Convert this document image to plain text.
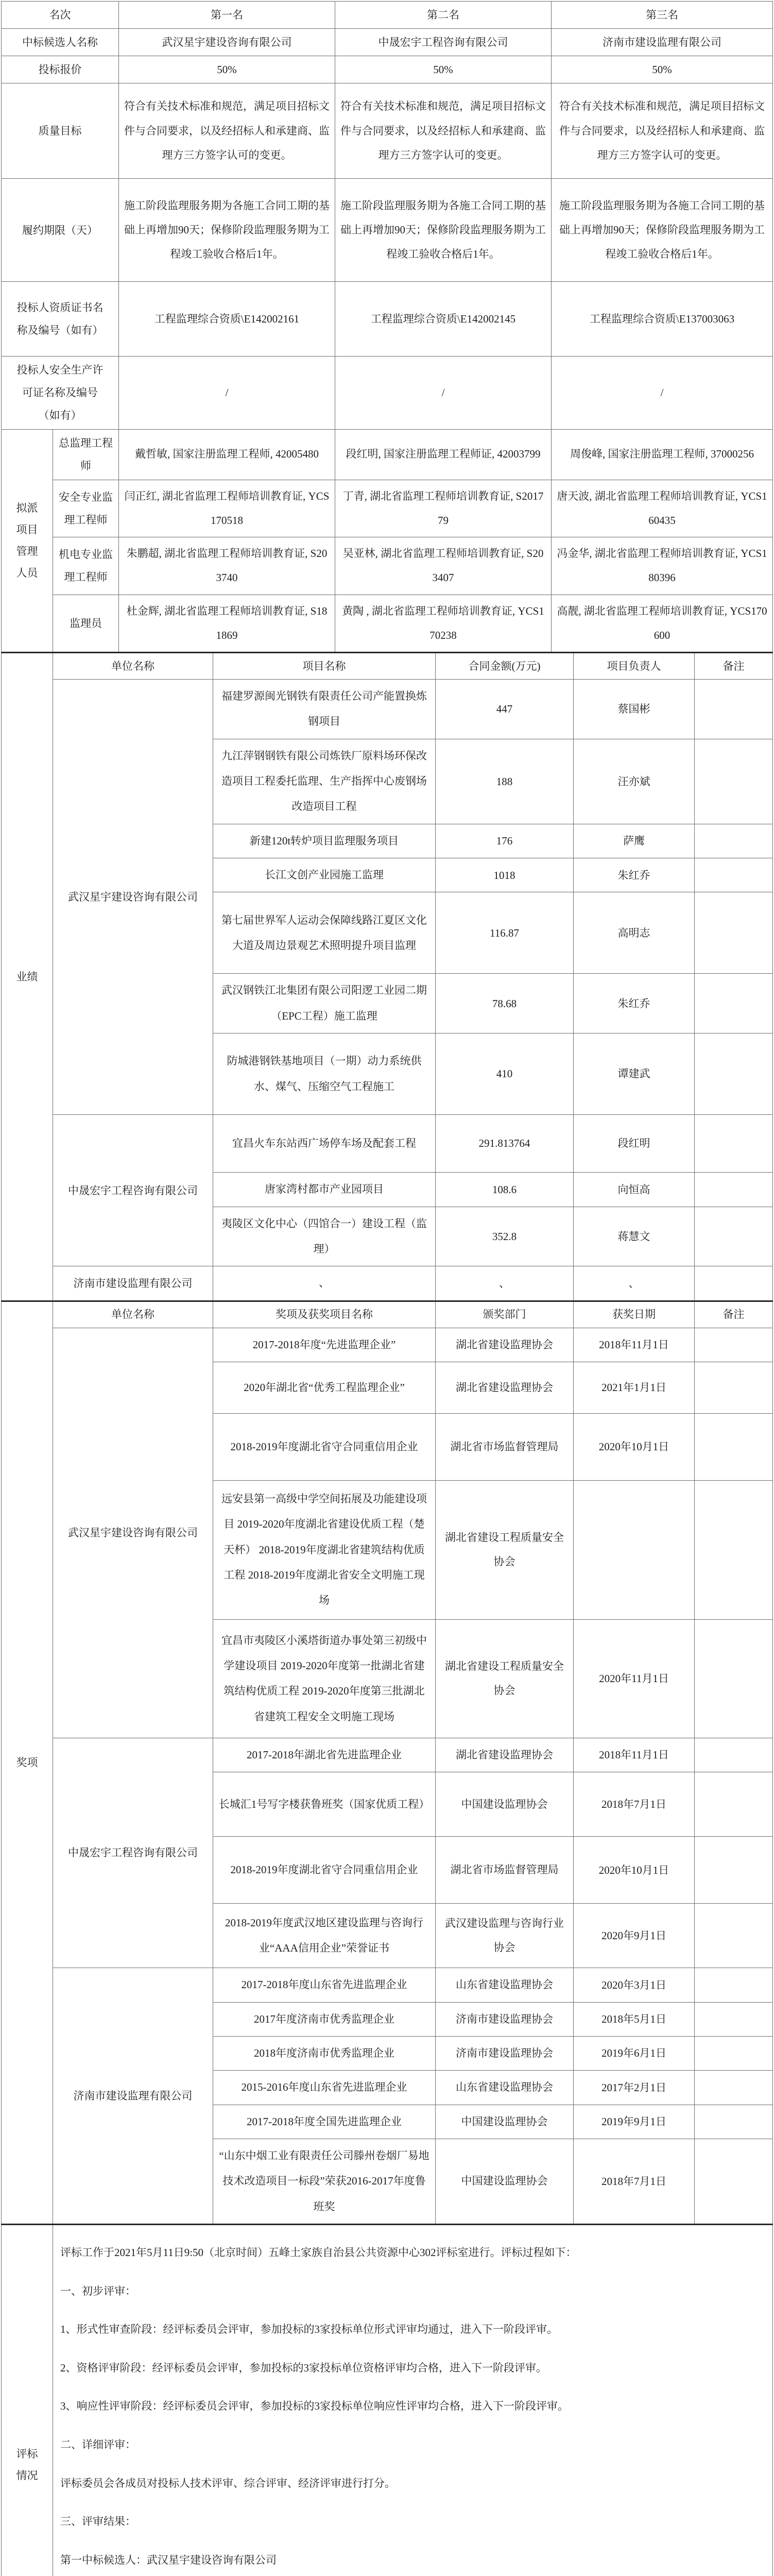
名次		第一名		第二名		第三名		
中标候选人名称		武汉星宇建设咨询有限公司		中晟宏宇工程咨询有限公司		济南市建设监理有限公司		
投标报价		50%		50%		50%		
质量目标		符合有关技术标准和规范，满足项目招标文件与合同要求，以及经招标人和承建商、监理方三方签字认可的变更。		符合有关技术标准和规范，满足项目招标文件与合同要求，以及经招标人和承建商、监理方三方签字认可的变更。		符合有关技术标准和规范，满足项目招标文件与合同要求，以及经招标人和承建商、监理方三方签字认可的变更。		
履约期限（天）		施工阶段监理服务期为各施工合同工期的基础上再增加90天；保修阶段监理服务期为工程竣工验收合格后1年。		施工阶段监理服务期为各施工合同工期的基础上再增加90天；保修阶段监理服务期为工程竣工验收合格后1年。		施工阶段监理服务期为各施工合同工期的基础上再增加90天；保修阶段监理服务期为工程竣工验收合格后1年。		
投标人资质证书名称及编号（如有）		工程监理综合资质\E142002161		工程监理综合资质\E142002145		工程监理综合资质\E137003063		
投标人安全生产许可证名称及编号（如有）		/		/		/		
拟派项目管理人员	总监理工程师	戴哲敏, 国家注册监理工程师, 42005480		段红明, 国家注册监理工程师证, 42003799		周俊峰, 国家注册监理工程师, 37000256		
	安全专业监理工程师	闫正红, 湖北省监理工程师培训教育证, YCS170518		丁青, 湖北省监理工程师培训教育证, S201779		唐天波, 湖北省监理工程师培训教育证, YCS160435		
	机电专业监理工程师	朱鹏超, 湖北省监理工程师培训教育证, S203740		吴亚林, 湖北省监理工程师培训教育证, S203407		冯金华, 湖北省监理工程师培训教育证, YCS180396		
	监理员	杜金辉, 湖北省监理工程师培训教育证, S181869		黄陶 , 湖北省监理工程师培训教育证, YCS170238		高靓, 湖北省监理工程师培训教育证, YCS170600		
业绩	单位名称		项目名称		合同金额(万元)		项目负责人	备注
	武汉星宇建设咨询有限公司		福建罗源闽光钢铁有限责任公司产能置换炼钢项目		447		蔡国彬	
			九江萍钢钢铁有限公司炼铁厂原料场环保改造项目工程委托监理、生产指挥中心废钢场改造项目工程		188		汪亦斌	
			新建120t转炉项目监理服务项目		176		萨鹰	
			长江文创产业园施工监理		1018		朱红乔	
			第七届世界军人运动会保障线路江夏区文化大道及周边景观艺术照明提升项目监理		116.87		高明志	
			武汉钢铁江北集团有限公司阳逻工业园二期（EPC工程）施工监理		78.68		朱红乔	
			防城港钢铁基地项目（一期）动力系统供水、煤气、压缩空气工程施工		410		谭建武	
	中晟宏宇工程咨询有限公司		宜昌火车东站西广场停车场及配套工程		291.813764		段红明	
			唐家湾村都市产业园项目		108.6		向恒高	
			夷陵区文化中心（四馆合一）建设工程（监理）		352.8		蒋慧文	
	济南市建设监理有限公司		、		、		、	
奖项	单位名称		奖项及获奖项目名称		颁奖部门		获奖日期	备注
	武汉星宇建设咨询有限公司		2017-2018年度“先进监理企业”		湖北省建设监理协会		2018年11月1日	
			2020年湖北省“优秀工程监理企业”		湖北省建设监理协会		2021年1月1日	
			2018-2019年度湖北省守合同重信用企业		湖北省市场监督管理局		2020年10月1日	
			远安县第一高级中学空间拓展及功能建设项目 2019-2020年度湖北省建设优质工程（楚天杯） 2018-2019年度湖北省建筑结构优质工程 2018-2019年度湖北省安全文明施工现场		湖北省建设工程质量安全协会			
			宜昌市夷陵区小溪塔街道办事处第三初级中学建设项目 2019-2020年度第一批湖北省建筑结构优质工程 2019-2020年度第三批湖北省建筑工程安全文明施工现场		湖北省建设工程质量安全协会		2020年11月1日	
	中晟宏宇工程咨询有限公司		2017-2018年湖北省先进监理企业		湖北省建设监理协会		2018年11月1日	
			长城汇1号写字楼获鲁班奖（国家优质工程）		中国建设监理协会		2018年7月1日	
			2018-2019年度湖北省守合同重信用企业		湖北省市场监督管理局		2020年10月1日	
			2018-2019年度武汉地区建设监理与咨询行业“AAA信用企业”荣誉证书		武汉建设监理与咨询行业协会		2020年9月1日	
	济南市建设监理有限公司		2017-2018年度山东省先进监理企业		山东省建设监理协会		2020年3月1日	
			2017年度济南市优秀监理企业		济南市建设监理协会		2018年5月1日	
			2018年度济南市优秀监理企业		济南市建设监理协会		2019年6月1日	
			2015-2016年度山东省先进监理企业		山东省建设监理协会		2017年2月1日	
			2017-2018年度全国先进监理企业		中国建设监理协会		2019年9月1日	
			“山东中烟工业有限责任公司滕州卷烟厂易地技术改造项目一标段”荣获2016-2017年度鲁班奖		中国建设监理协会		2018年7月1日	
评标情况	

评标工作于2021年5月11日9:50（北京时间）五峰土家族自治县公共资源中心302评标室进行。评标过程如下：

一、初步评审：

1、形式性审查阶段：经评标委员会评审，参加投标的3家投标单位形式评审均通过，进入下一阶段评审。

2、资格评审阶段：经评标委员会评审，参加投标的3家投标单位资格评审均合格，进入下一阶段评审。

3、响应性评审阶段：经评标委员会评审，参加投标的3家投标单位响应性评审均合格，进入下一阶段评审。

二、详细评审：

评标委员会各成员对投标人技术评审、综合评审、经济评审进行打分。

三、评审结果：

第一中标候选人：武汉星宇建设咨询有限公司
